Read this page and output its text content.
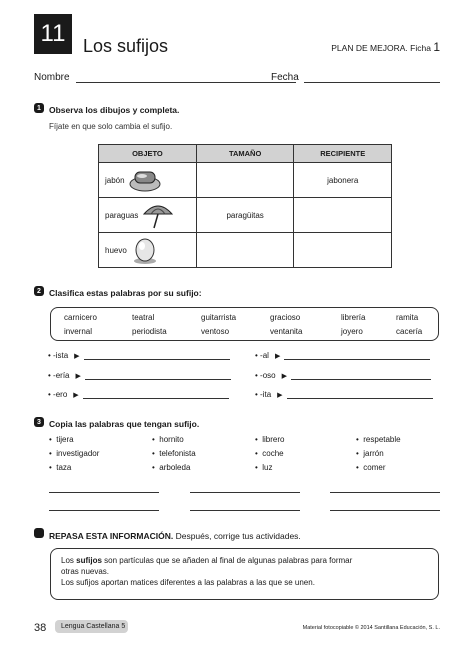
11 Los sufijos	PLAN DE MEJORA. Ficha 1
Nombre	Fecha
1 Observa los dibujos y completa.
Fíjate en que solo cambia el sufijo.
OBJETO	TAMAÑO	RECIPIENTE

jabón		jabonera

paraguas	paragüitas	

huevo		

2 Clasifica estas palabras por su sufijo:
carnicero	teatral	guitarrista	gracioso	librería	ramita
invernal	periodista	ventoso	ventanita	joyero	cacería
•
-ista ▶
•
-ería ▶
•
-ero ▶
•
-al ▶
•
-oso ▶
•
-ita ▶
3 Copia las palabras que tengan sufijo.
•  tijera
•  investigador
•  taza
•  hornito
•  telefonista
•  arboleda
•  librero
•  coche
•  luz
•  respetable
•  jarrón
•  comer
REPASA ESTA INFORMACIÓN. Después, corrige tus actividades.
Los sufijos son partículas que se añaden al final de algunas palabras para formar
otras nuevas.
Los sufijos aportan matices diferentes a las palabras a las que se unen.
38	Lengua Castellana 5	Material fotocopiable © 2014 Santillana Educación, S. L.
